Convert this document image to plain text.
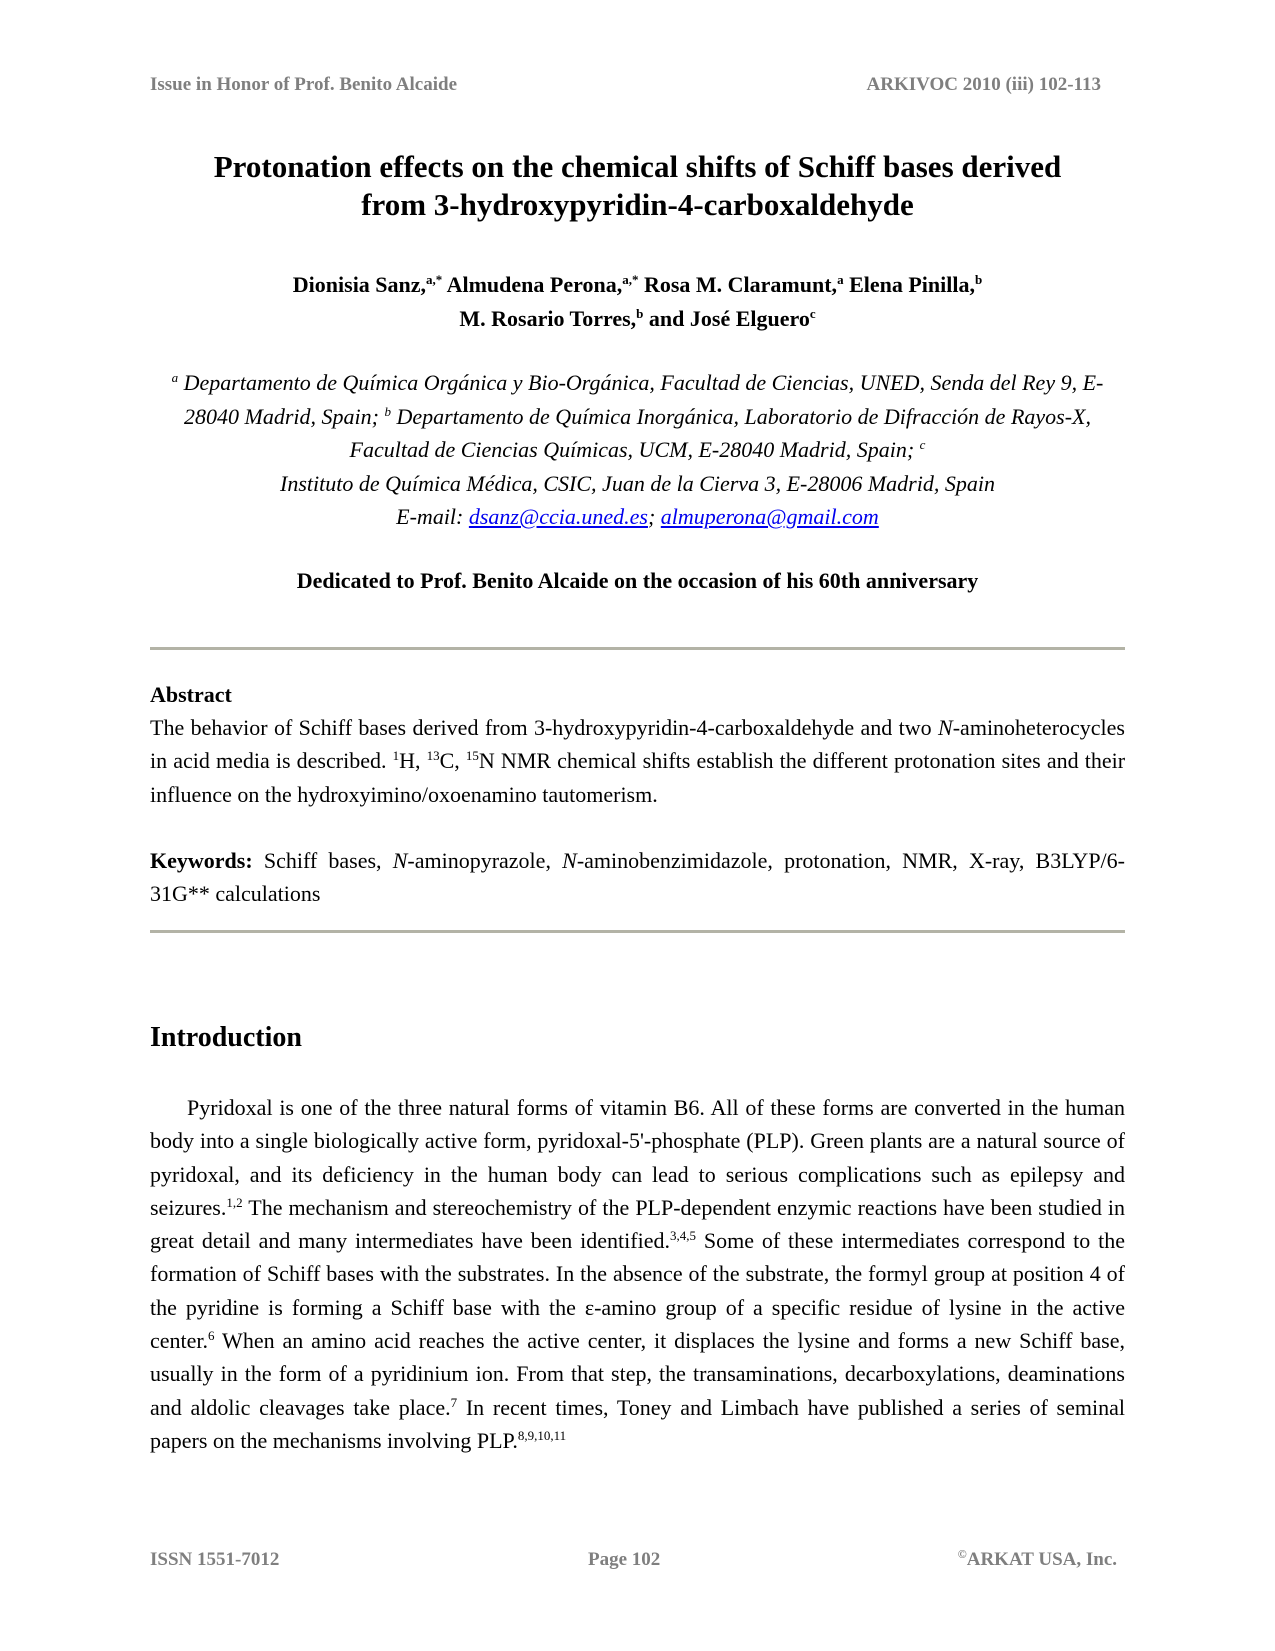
Issue in Honor of Prof. Benito Alcaide	ARKIVOC 2010 (iii) 102-113
Protonation effects on the chemical shifts of Schiff bases derived
from 3-hydroxypyridin-4-carboxaldehyde
Dionisia Sanz,$^{a,*}$ Almudena Perona,$^{a,*}$ Rosa M. Claramunt,$^a$ Elena Pinilla,$^b$
M. Rosario Torres,$^b$ and José Elguero$^c$
$^a$ Departamento de Química Orgánica y Bio-Orgánica, Facultad de Ciencias, UNED, Senda del Rey 9, E-28040 Madrid, Spain; $^b$ Departamento de Química Inorgánica, Laboratorio de Difracción de Rayos-X, Facultad de Ciencias Químicas, UCM, E-28040 Madrid, Spain; $^c$
Instituto de Química Médica, CSIC, Juan de la Cierva 3, E-28006 Madrid, Spain
E-mail: dsanz@ccia.uned.es; almuperona@gmail.com
Dedicated to Prof. Benito Alcaide on the occasion of his 60th anniversary
Abstract
The behavior of Schiff bases derived from 3-hydroxypyridin-4-carboxaldehyde and two N-aminoheterocycles in acid media is described. $^1$H, $^{13}$C, $^{15}$N NMR chemical shifts establish the different protonation sites and their influence on the hydroxyimino/oxoenamino tautomerism.
Keywords: Schiff bases, N-aminopyrazole, N-aminobenzimidazole, protonation, NMR, X-ray, B3LYP/6-31G** calculations
Introduction
Pyridoxal is one of the three natural forms of vitamin B6. All of these forms are converted in the human body into a single biologically active form, pyridoxal-5'-phosphate (PLP). Green plants are a natural source of pyridoxal, and its deficiency in the human body can lead to serious complications such as epilepsy and seizures.$^{1,2}$ The mechanism and stereochemistry of the PLP-dependent enzymic reactions have been studied in great detail and many intermediates have been identified.$^{3,4,5}$ Some of these intermediates correspond to the formation of Schiff bases with the substrates. In the absence of the substrate, the formyl group at position 4 of the pyridine is forming a Schiff base with the ε-amino group of a specific residue of lysine in the active center.$^6$ When an amino acid reaches the active center, it displaces the lysine and forms a new Schiff base, usually in the form of a pyridinium ion. From that step, the transaminations, decarboxylations, deaminations and aldolic cleavages take place.$^7$ In recent times, Toney and Limbach have published a series of seminal papers on the mechanisms involving PLP.$^{8,9,10,11}$
ISSN 1551-7012	Page 102	©ARKAT USA, Inc.
